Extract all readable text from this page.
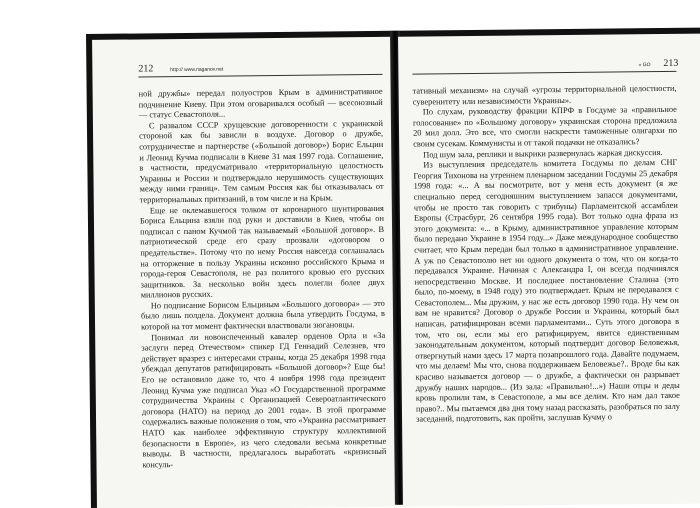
212	http:// www.naganov.net

ной дружбы» передал полуостров Крым в административное подчинение Киеву. При этом оговаривался особый — всесоюзный — статус Севастополя...

С развалом СССР хрущевские договоренности с украинской стороной как бы зависли в воздухе. Договор о дружбе, сотрудничестве и партнерстве («Большой договор») Борис Ельцин и Леонид Кучма подписали в Киеве 31 мая 1997 года. Соглашение, в частности, предусматривало «территориальную целостность Украины и России и подтверждало нерушимость существующих между ними границ». Тем самым Россия как бы отказывалась от территориальных притязаний, в том числе и на Крым.

Еще не оклемавшегося толком от коронарного шунтирования Бориса Ельцина взяли под руки и доставили в Киев, чтобы он подписал с паном Кучмой так называемый «Большой договор». В патриотической среде его сразу прозвали «договором о предательстве». Потому что по нему Россия навсегда соглашалась на отторжение в пользу Украины исконно российского Крыма и города-героя Севастополя, не раз политого кровью его русских защитников. За несколько войн здесь полегли более двух миллионов русских.

Но подписание Борисом Ельциным «Большого договора» — это было лишь полдела. Документ должна была утвердить Госдума, в которой на тот момент фактически властвовали зюгановцы.

Понимал ли новоиспеченный кавалер орденов Орла и «За заслуги перед Отечеством» спикер ГД Геннадий Селезнев, что действует вразрез с интересами страны, когда 25 декабря 1998 года убеждал депутатов ратифицировать «Большой договор»? Еще бы! Его не остановило даже то, что 4 ноября 1998 года президент Леонид Кучма уже подписал Указ «О Государственной программе сотрудничества Украины с Организацией Североатлантического договора (НАТО) на период до 2001 года». В этой программе содержались важные положения о том, что «Украина рассматривает НАТО как наиболее эффективную структуру коллективной безопасности в Европе», из чего следовали весьма конкретные выводы. В частности, предлагалось выработать «кризисный консуль-

» GO 213

тативный механизм» на случай «угрозы территориальной целостности, суверенитету или независимости Украины».

По слухам, руководству фракции КПРФ в Госдуме за «правильное голосование» по «Большому договору» украинская сторона предложила 20 мил долл. Это все, что смогли наскрести таможенные олигархи по своим сусекам. Коммунисты и от такой подачки не отказались?

Под шум зала, реплики и выкрики развернулась жаркая дискуссия.

Из выступления председатель комитета Госдумы по делам СНГ Георгия Тихонова на утреннем пленарном заседании Госдумы 25 декабря 1998 года: «... А вы посмотрите, вот у меня есть документ (я же специально перед сегодняшним выступлением запасся документами, чтобы не просто так говорить с трибуны) Парламентской ассамблеи Европы (Страсбург, 26 сентября 1995 года). Вот только одна фраза из этого документа: «... в Крыму, административное управление которым было передано Украине в 1954 году...» Даже международное сообщество считает, что Крым передан был только в административное управление. А уж по Севастополю нет ни одного документа о том, что он когда-то передавался Украине. Начиная с Александра I, он всегда подчинялся непосредственно Москве. И последнее постановление Сталина (это было, по-моему, в 1948 году) это подтверждает. Крым не передавался с Севастополем... Мы дружим, у нас же есть договор 1990 года. Ну чем он вам не нравится? Договор о дружбе России и Украины, который был написан, ратифицирован всеми парламентами... Суть этого договора в том, что он, если мы его ратифицируем, явится единственным законодательным документом, который подтвердит договор Беловежья, отвергнутый нами здесь 17 марта позапрошлого года. Давайте подумаем, что мы делаем! Мы что, снова поддерживаем Беловежье?.. Вроде бы как красиво называется договор — о дружбе, а фактически он разрывает дружбу наших народов... (Из зала: «Правильно!...») Наши отцы и деды кровь пролили там, в Севастополе, а мы все делим. Кто нам дал такое право?.. Мы пытаемся два дня тому назад рассказать, разобраться по залу заседаний, подготовить, как пройти, заслушав Кучму о
